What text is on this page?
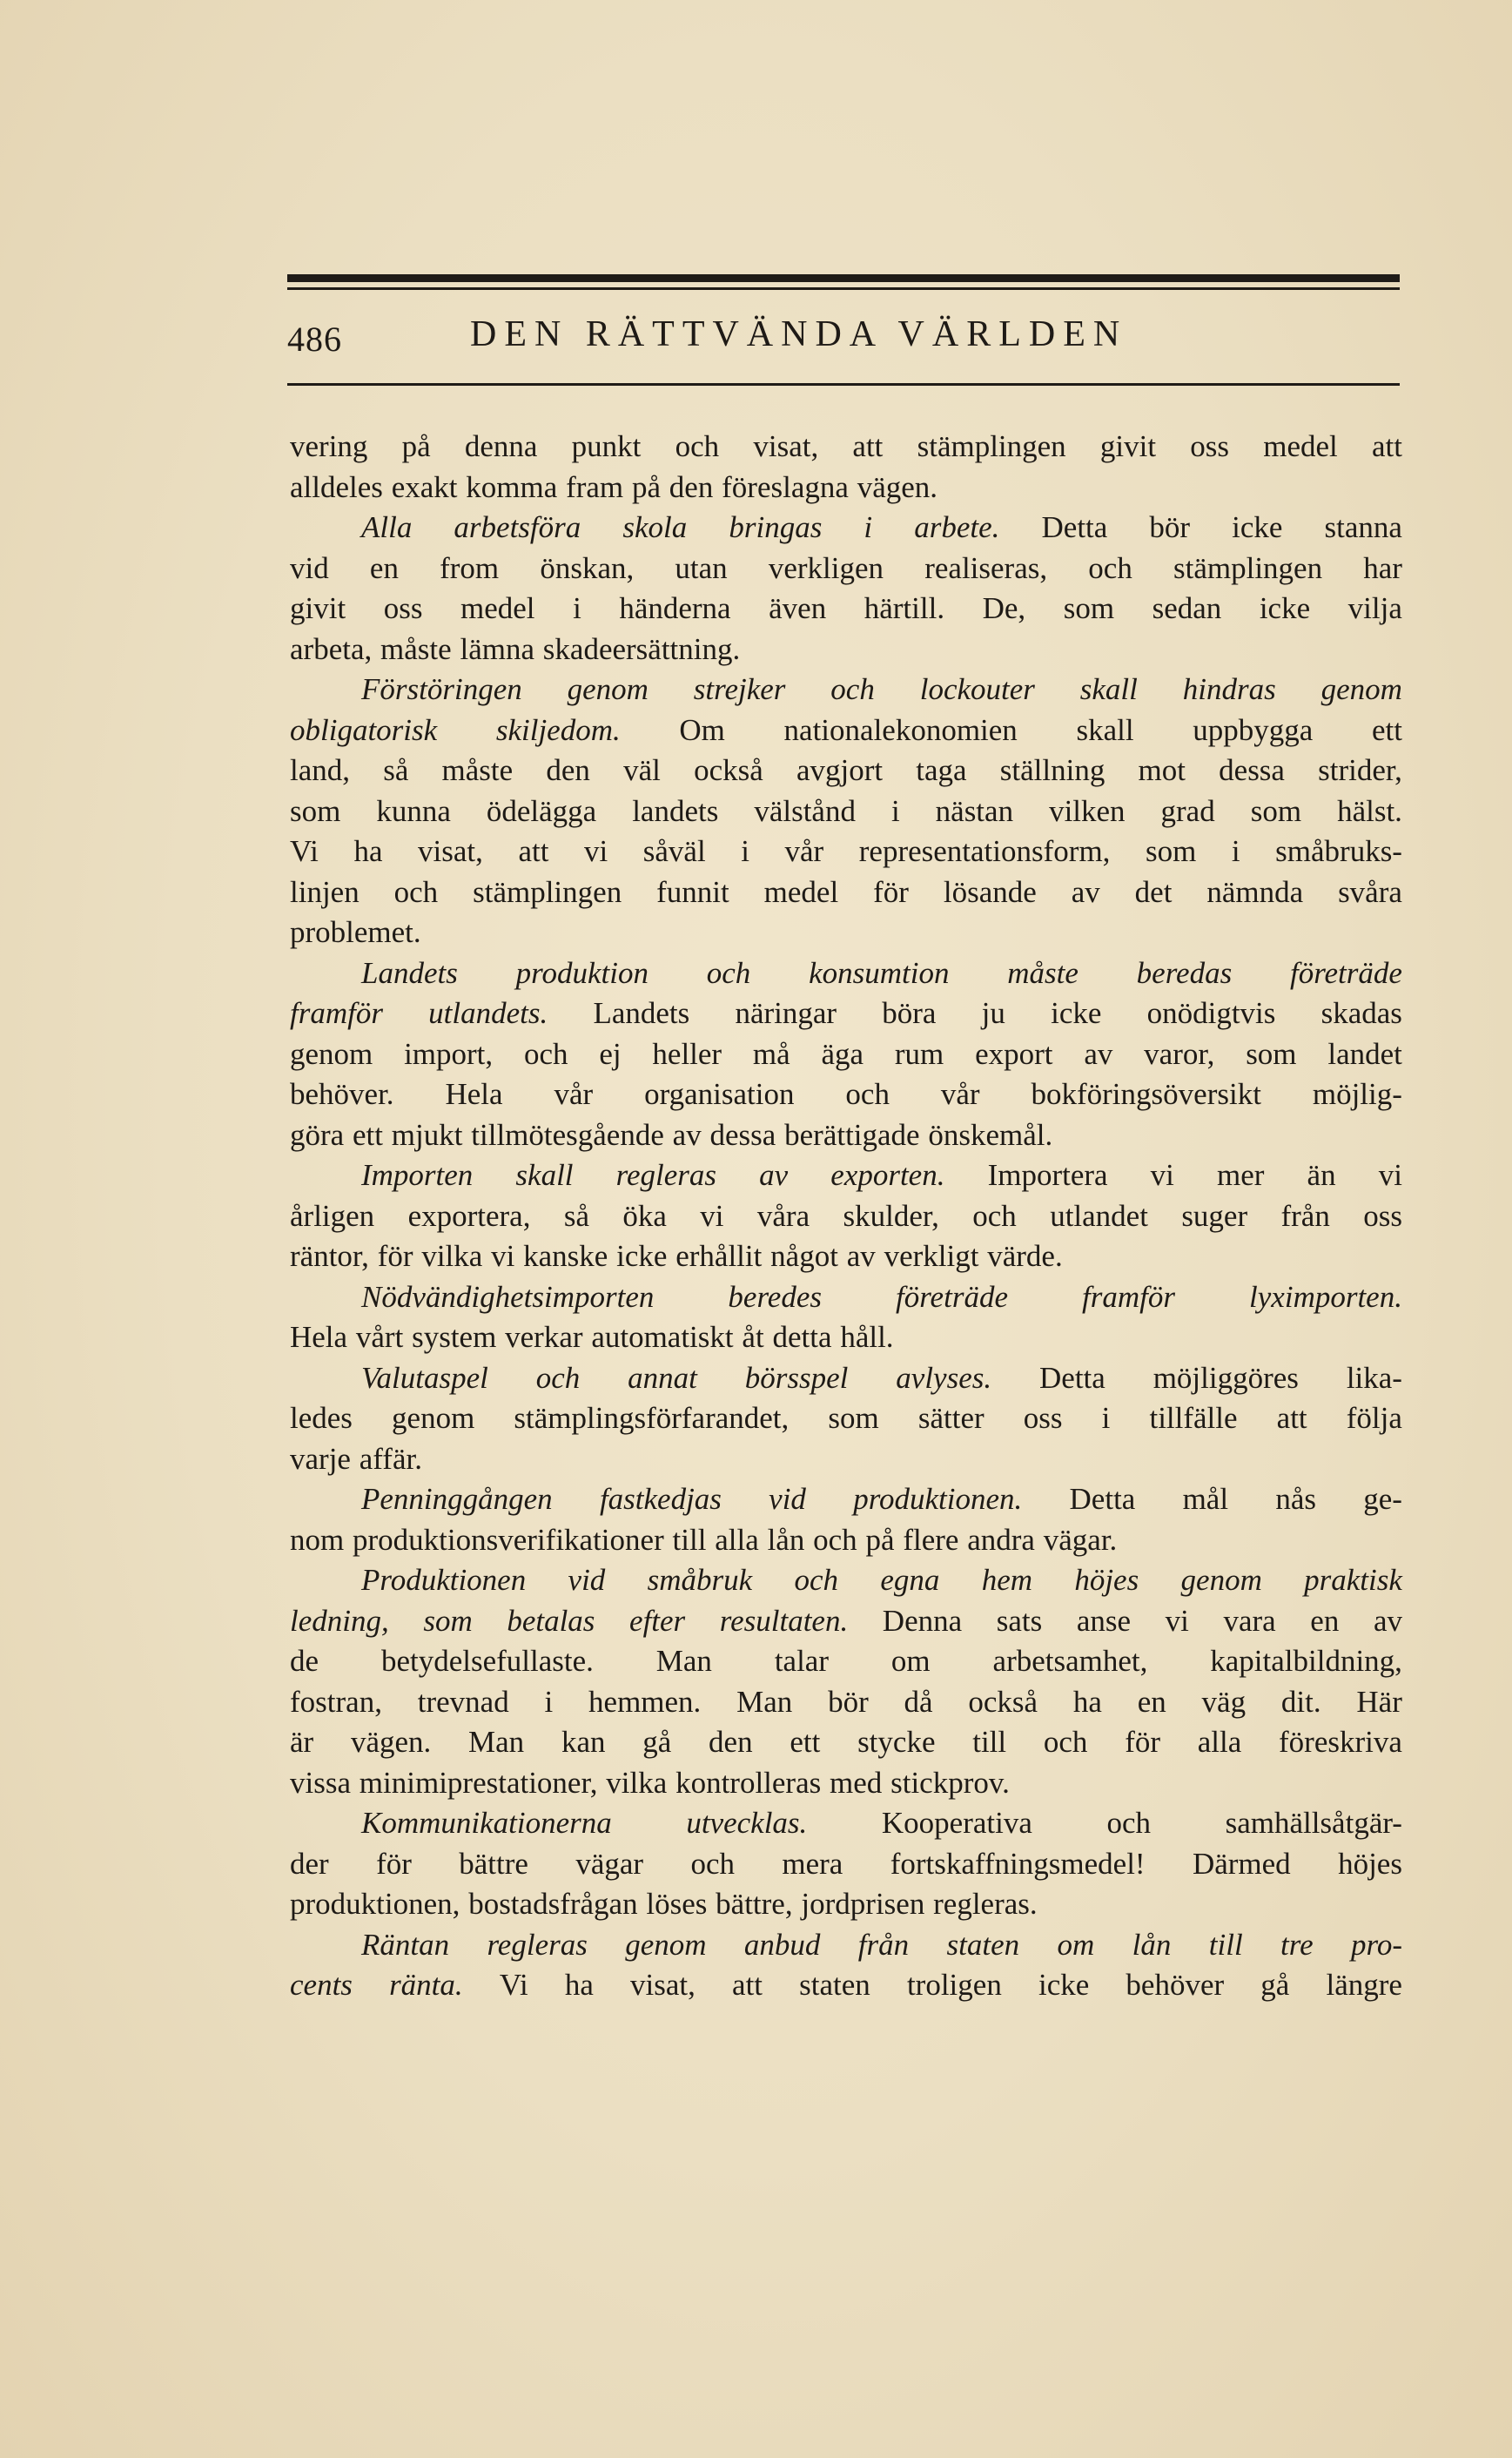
486	DEN RÄTTVÄNDA VÄRLDEN
vering på denna punkt och visat, att stämplingen givit oss medel att
alldeles exakt komma fram på den föreslagna vägen.
Alla arbetsföra skola bringas i arbete. Detta bör icke stanna
vid en from önskan, utan verkligen realiseras, och stämplingen har
givit oss medel i händerna även härtill. De, som sedan icke vilja
arbeta, måste lämna skadeersättning.
Förstöringen genom strejker och lockouter skall hindras genom
obligatorisk skiljedom. Om nationalekonomien skall uppbygga ett
land, så måste den väl också avgjort taga ställning mot dessa strider,
som kunna ödelägga landets välstånd i nästan vilken grad som hälst.
Vi ha visat, att vi såväl i vår representationsform, som i småbruks-
linjen och stämplingen funnit medel för lösande av det nämnda svåra
problemet.
Landets produktion och konsumtion måste beredas företräde
framför utlandets. Landets näringar böra ju icke onödigtvis skadas
genom import, och ej heller må äga rum export av varor, som landet
behöver. Hela vår organisation och vår bokföringsöversikt möjlig-
göra ett mjukt tillmötesgående av dessa berättigade önskemål.
Importen skall regleras av exporten. Importera vi mer än vi
årligen exportera, så öka vi våra skulder, och utlandet suger från oss
räntor, för vilka vi kanske icke erhållit något av verkligt värde.
Nödvändighetsimporten beredes företräde framför lyximporten.
Hela vårt system verkar automatiskt åt detta håll.
Valutaspel och annat börsspel avlyses. Detta möjliggöres lika-
ledes genom stämplingsförfarandet, som sätter oss i tillfälle att följa
varje affär.
Penninggången fastkedjas vid produktionen. Detta mål nås ge-
nom produktionsverifikationer till alla lån och på flere andra vägar.
Produktionen vid småbruk och egna hem höjes genom praktisk
ledning, som betalas efter resultaten. Denna sats anse vi vara en av
de betydelsefullaste. Man talar om arbetsamhet, kapitalbildning,
fostran, trevnad i hemmen. Man bör då också ha en väg dit. Här
är vägen. Man kan gå den ett stycke till och för alla föreskriva
vissa minimiprestationer, vilka kontrolleras med stickprov.
Kommunikationerna utvecklas. Kooperativa och samhällsåtgär-
der för bättre vägar och mera fortskaffningsmedel! Därmed höjes
produktionen, bostadsfrågan löses bättre, jordprisen regleras.
Räntan regleras genom anbud från staten om lån till tre pro-
cents ränta. Vi ha visat, att staten troligen icke behöver gå längre
